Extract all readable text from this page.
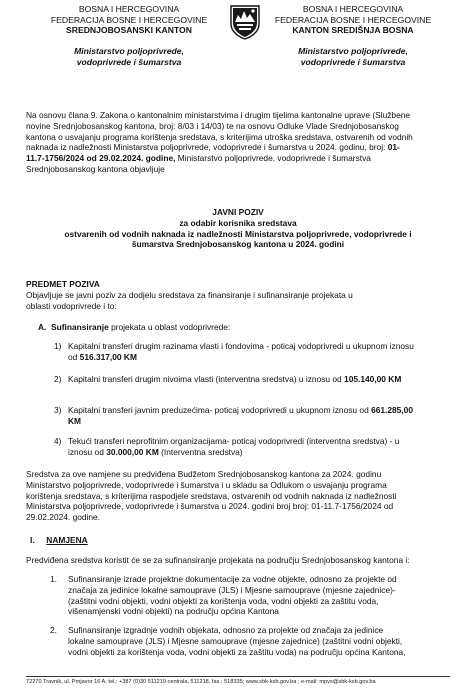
BOSNA I HERCEGOVINA
FEDERACIJA BOSNE I HERCEGOVINE
SREDNJOBOSANSKI KANTON
Ministarstvo poljoprivrede,
vodoprivrede i šumarstva
BOSNA I HERCEGOVINA
FEDERACIJA BOSNE I HERCEGOVINE
KANTON SREDIŠNJA BOSNA
Ministarstvo poljoprivrede,
vodoprivrede i šumarstva
Na osnovu člana 9. Zakona o kantonalnim ministarstvima i drugim tijelima kantonalne uprave (Službene
novine Srednjobosanskog kantona, broj: 8/03 i 14/03) te na osnovu Odluke Vlade Srednjobosanskog
kantona o usvajanju programa korištenja sredstava, s kriterijima utroška sredstava, ostvarenih od vodnih
naknada iz nadležnosti Ministarstva poljoprivrede, vodoprivrede i šumarstva u 2024. godinu, broj: 01-
11.7-1756/2024 od 29.02.2024. godine, Ministarstvo poljoprivrede, vodoprivrede i šumarstva
Srednjobosanskog kantona objavljuje
JAVNI POZIV
za odabir korisnika sredstava
ostvarenih od vodnih naknada iz nadležnosti Ministarstva poljoprivrede, vodoprivrede i
šumarstva Srednjobosanskog kantona u 2024. godini
PREDMET POZIVA
Objavljuje se javni poziv za dodjelu sredstava za finansiranje i sufinansiranje projekata u
oblasti vodoprivrede i to:
A. Sufinansiranje projekata u oblast vodoprivrede:
1) Kapitalni transferi drugim razinama vlasti i fondovima - poticaj vodoprivredi u ukupnom iznosu
od 516.317,00 KM
2) Kapitalni transferi drugim nivoima vlasti (interventna sredstva) u iznosu od 105.140,00 KM
3) Kapitalni transferi javnim preduzećima- poticaj vodoprivredi u ukupnom iznosu od 661.285,00
KM
4) Tekući transferi neprofitnim organizacijama- poticaj vodoprivredi (interventna sredstva) - u
iznosu od 30.000,00 KM (Interventna sredstva)
Sredstva za ove namjene su predviđena Budžetom Srednjobosanskog kantona za 2024. godinu
Ministarstvo poljoprivrede, vodoprivrede i šumarstva i u skladu sa Odlukom o usvajanju programa
korištenja sredstava, s kriterijima raspodjele sredstava, ostvarenih od vodnih naknada iz nadležnosti
Ministarstva poljoprivrede, vodoprivrede i šumarstva u 2024. godini broj broj: 01-11.7-1756/2024 od
29.02.2024. godine.
I. NAMJENA
Predviđena sredstva koristit će se za sufinansiranje projekata na području Srednjobosanskog kantona i:
1. Sufinansiranje izrade projektne dokumentacije za vodne objekte, odnosno za projekte od
značaja za jedinice lokalne samouprave (JLS) i Mjesne samouprave (mjesne zajednice)-
(zaštitni vodni objekti, vodni objekti za korištenja voda, vodni objekti za zaštitu voda,
višenamjenski vodni objekti) na području općina Kantona
2. Sufinansiranje izgradnje vodnih objekata, odnosno za projekte od značaja za jedinice
lokalne samouprave (JLS) i Mjesne samouprave (mjesne zajednice) (zaštitni vodni objekti,
vodni objekti za korištenja voda, vodni objekti za zaštitu voda) na području općina Kantona,
72270 Travnik, ul. Prnjavor 16 A, tel.: +387 (0)30 511219 centrala, 511218, fax.: 518335; www.sbk-ksb.gov.ba ; e-mail: mpvs@sbk-ksb.gov.ba
